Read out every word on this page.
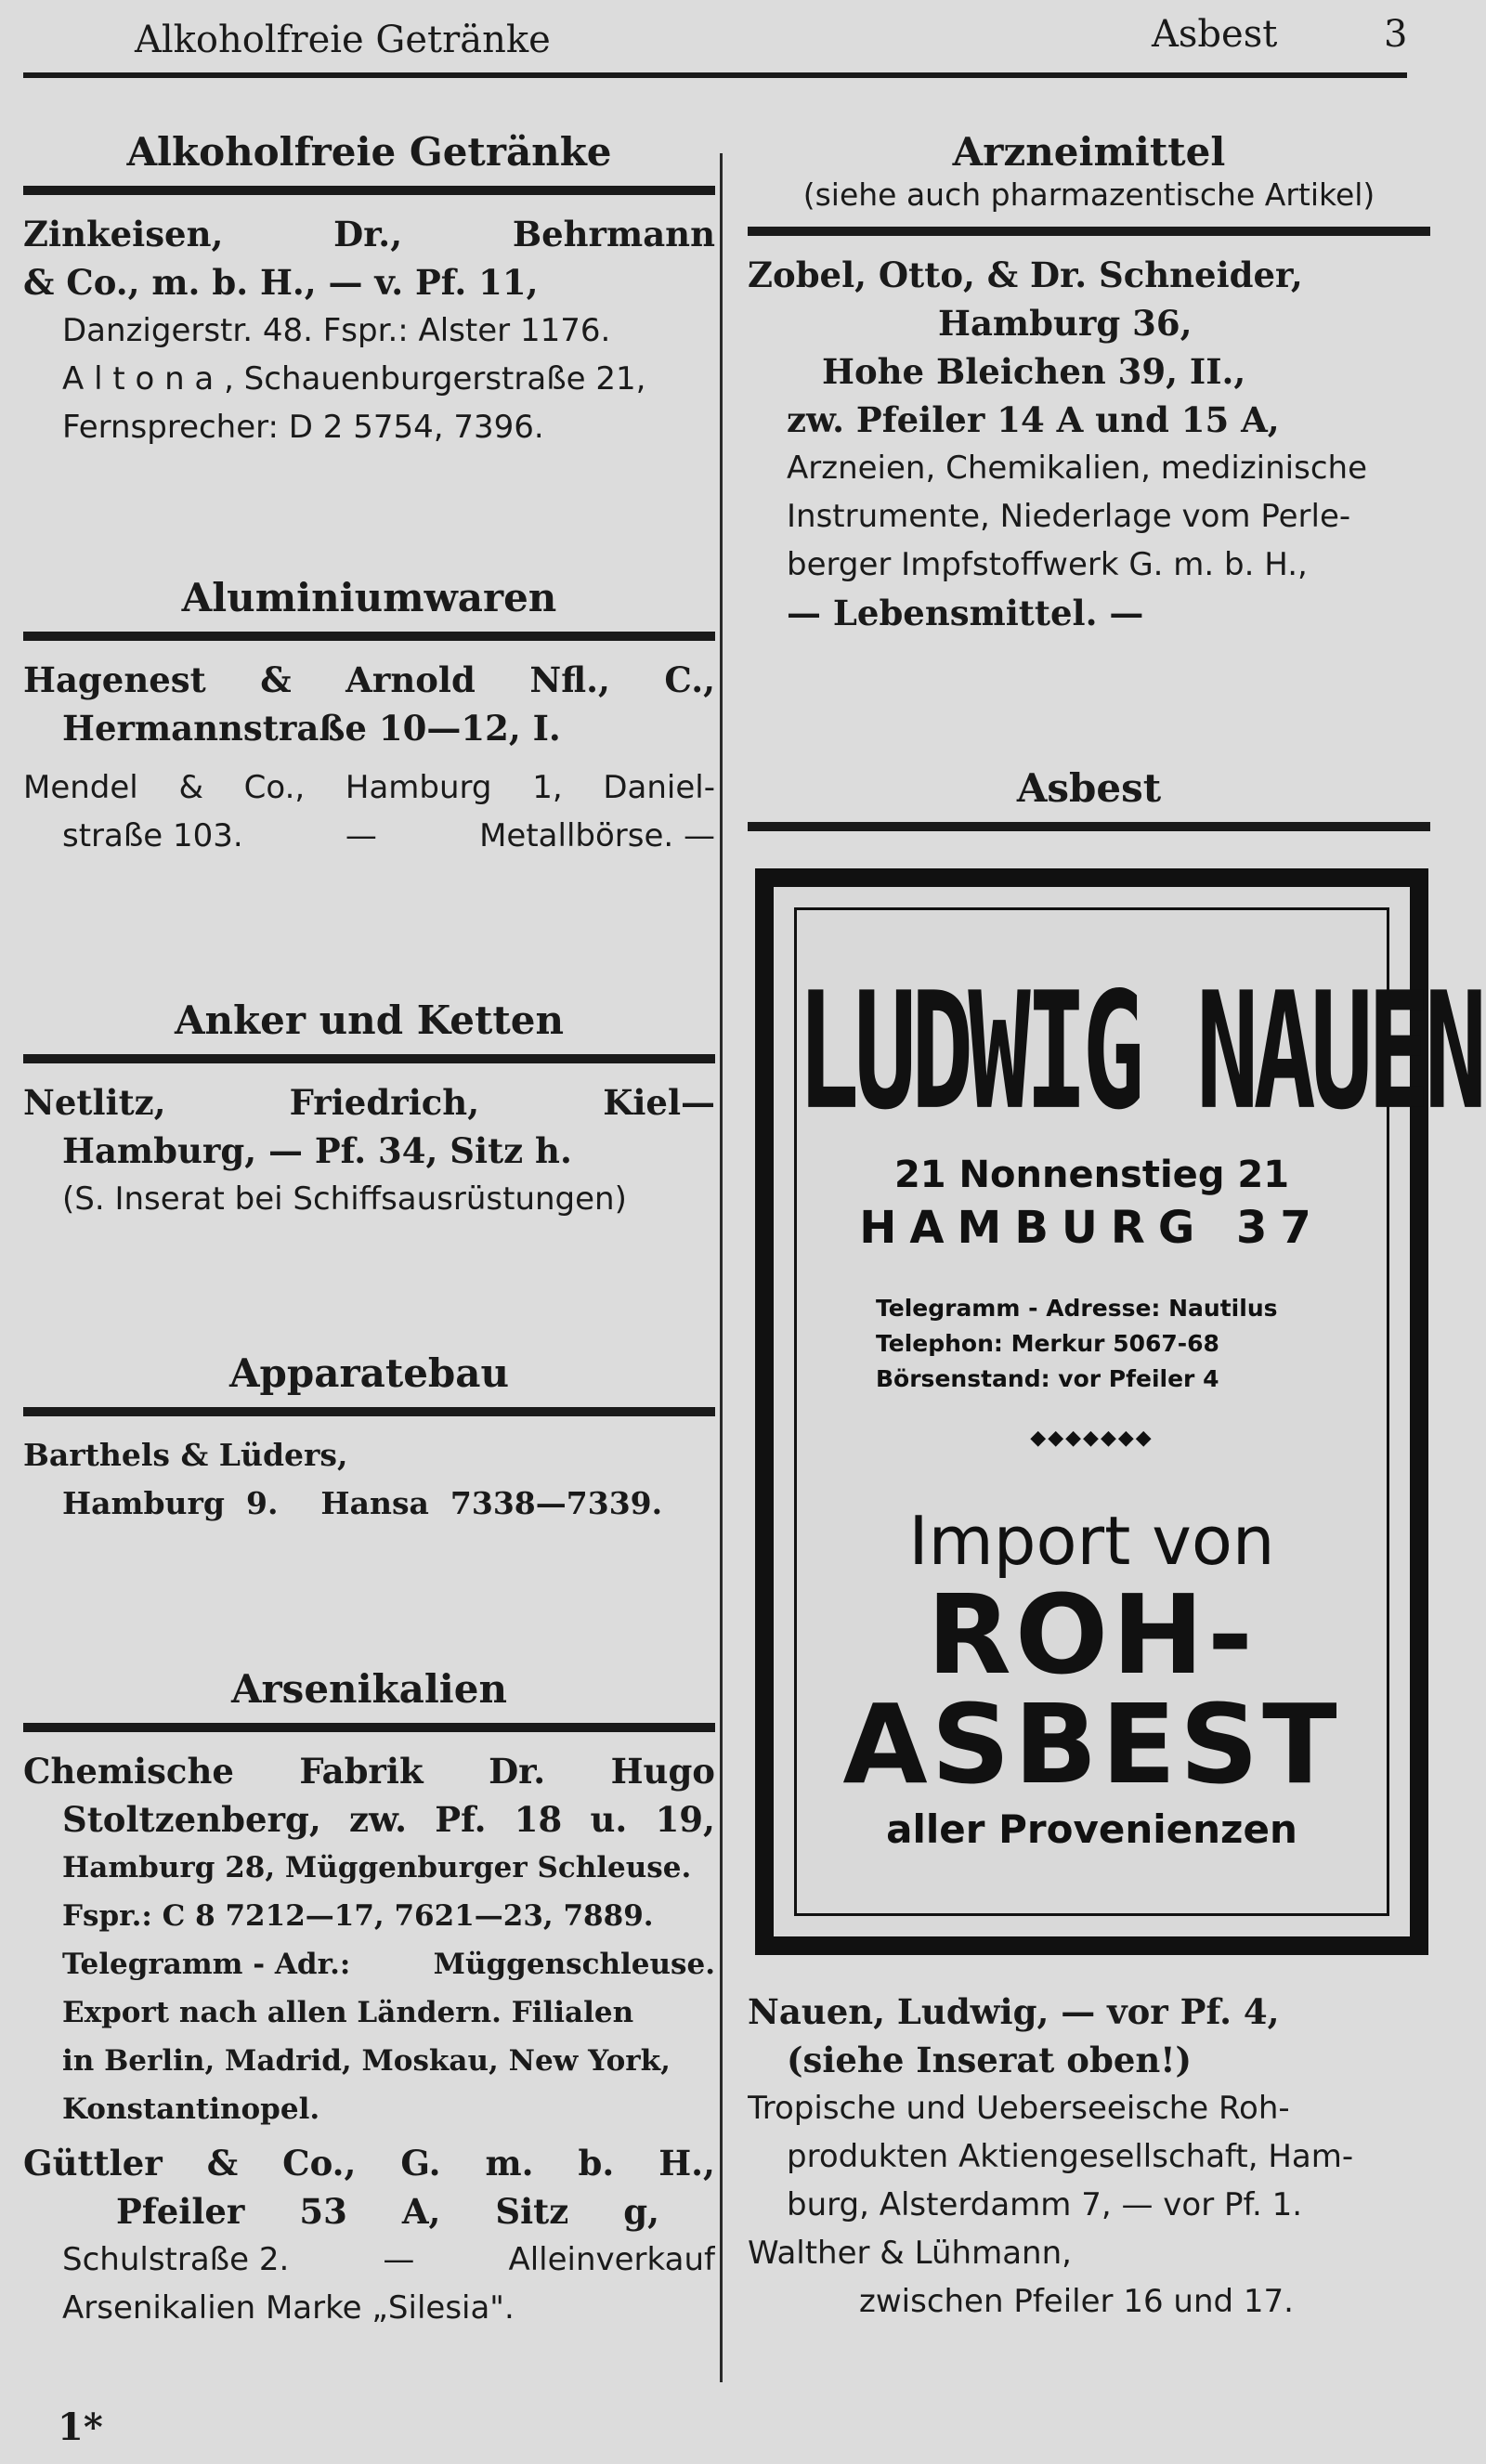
Alkoholfreie Getränke	Asbest	3
Alkoholfreie Getränke
Zinkeisen,	Dr.,	Behrmann
& Co., m. b. H., — v. Pf. 11,
Danzigerstr. 48. Fspr.: Alster 1176.
A l t o n a , Schauenburgerstraße 21,
Fernsprecher: D 2 5754, 7396.
Aluminiumwaren
Hagenest & Arnold Nfl., C.,
Hermannstraße 10—12, I.
Mendel & Co., Hamburg 1, Daniel-
straße 103.	—	Metallbörse. —
Anker und Ketten
Netlitz,	Friedrich,	Kiel—
Hamburg, — Pf. 34, Sitz h.
(S. Inserat bei Schiffsausrüstungen)
Apparatebau
Barthels & Lüders,
Hamburg 9. Hansa 7338—7339.
Arsenikalien
Chemische Fabrik Dr. Hugo
Stoltzenberg, zw. Pf. 18 u. 19,
Hamburg 28, Müggenburger Schleuse.
Fspr.: C 8 7212—17, 7621—23, 7889.
Telegramm - Adr.:	Müggenschleuse.
Export nach allen Ländern. Filialen
in Berlin, Madrid, Moskau, New York,
Konstantinopel.
Güttler & Co., G. m. b. H.,
Pfeiler 53 A, Sitz g,
Schulstraße 2.	—	Alleinverkauf
Arsenikalien Marke „Silesia".
Arzneimittel
(siehe auch pharmazentische Artikel)
Zobel, Otto, & Dr. Schneider,
Hamburg 36,
Hohe Bleichen 39, II.,
zw. Pfeiler 14 A und 15 A,
Arzneien, Chemikalien, medizinische
Instrumente, Niederlage vom Perle-
berger Impfstoffwerk G. m. b. H.,
— Lebensmittel. —
Asbest
Nauen, Ludwig, — vor Pf. 4,
(siehe Inserat oben!)
Tropische und Ueberseeische Roh-
produkten Aktiengesellschaft, Ham-
burg, Alsterdamm 7, — vor Pf. 1.
Walther & Lühmann,
zwischen Pfeiler 16 und 17.
LUDWIG NAUEN
21 Nonnenstieg 21
HAMBURG 37
Telegramm - Adresse: Nautilus
Telephon: Merkur 5067-68
Börsenstand: vor Pfeiler 4
◆◆◆◆◆◆◆
Import von
ROH-
ASBEST
aller Provenienzen
1*
